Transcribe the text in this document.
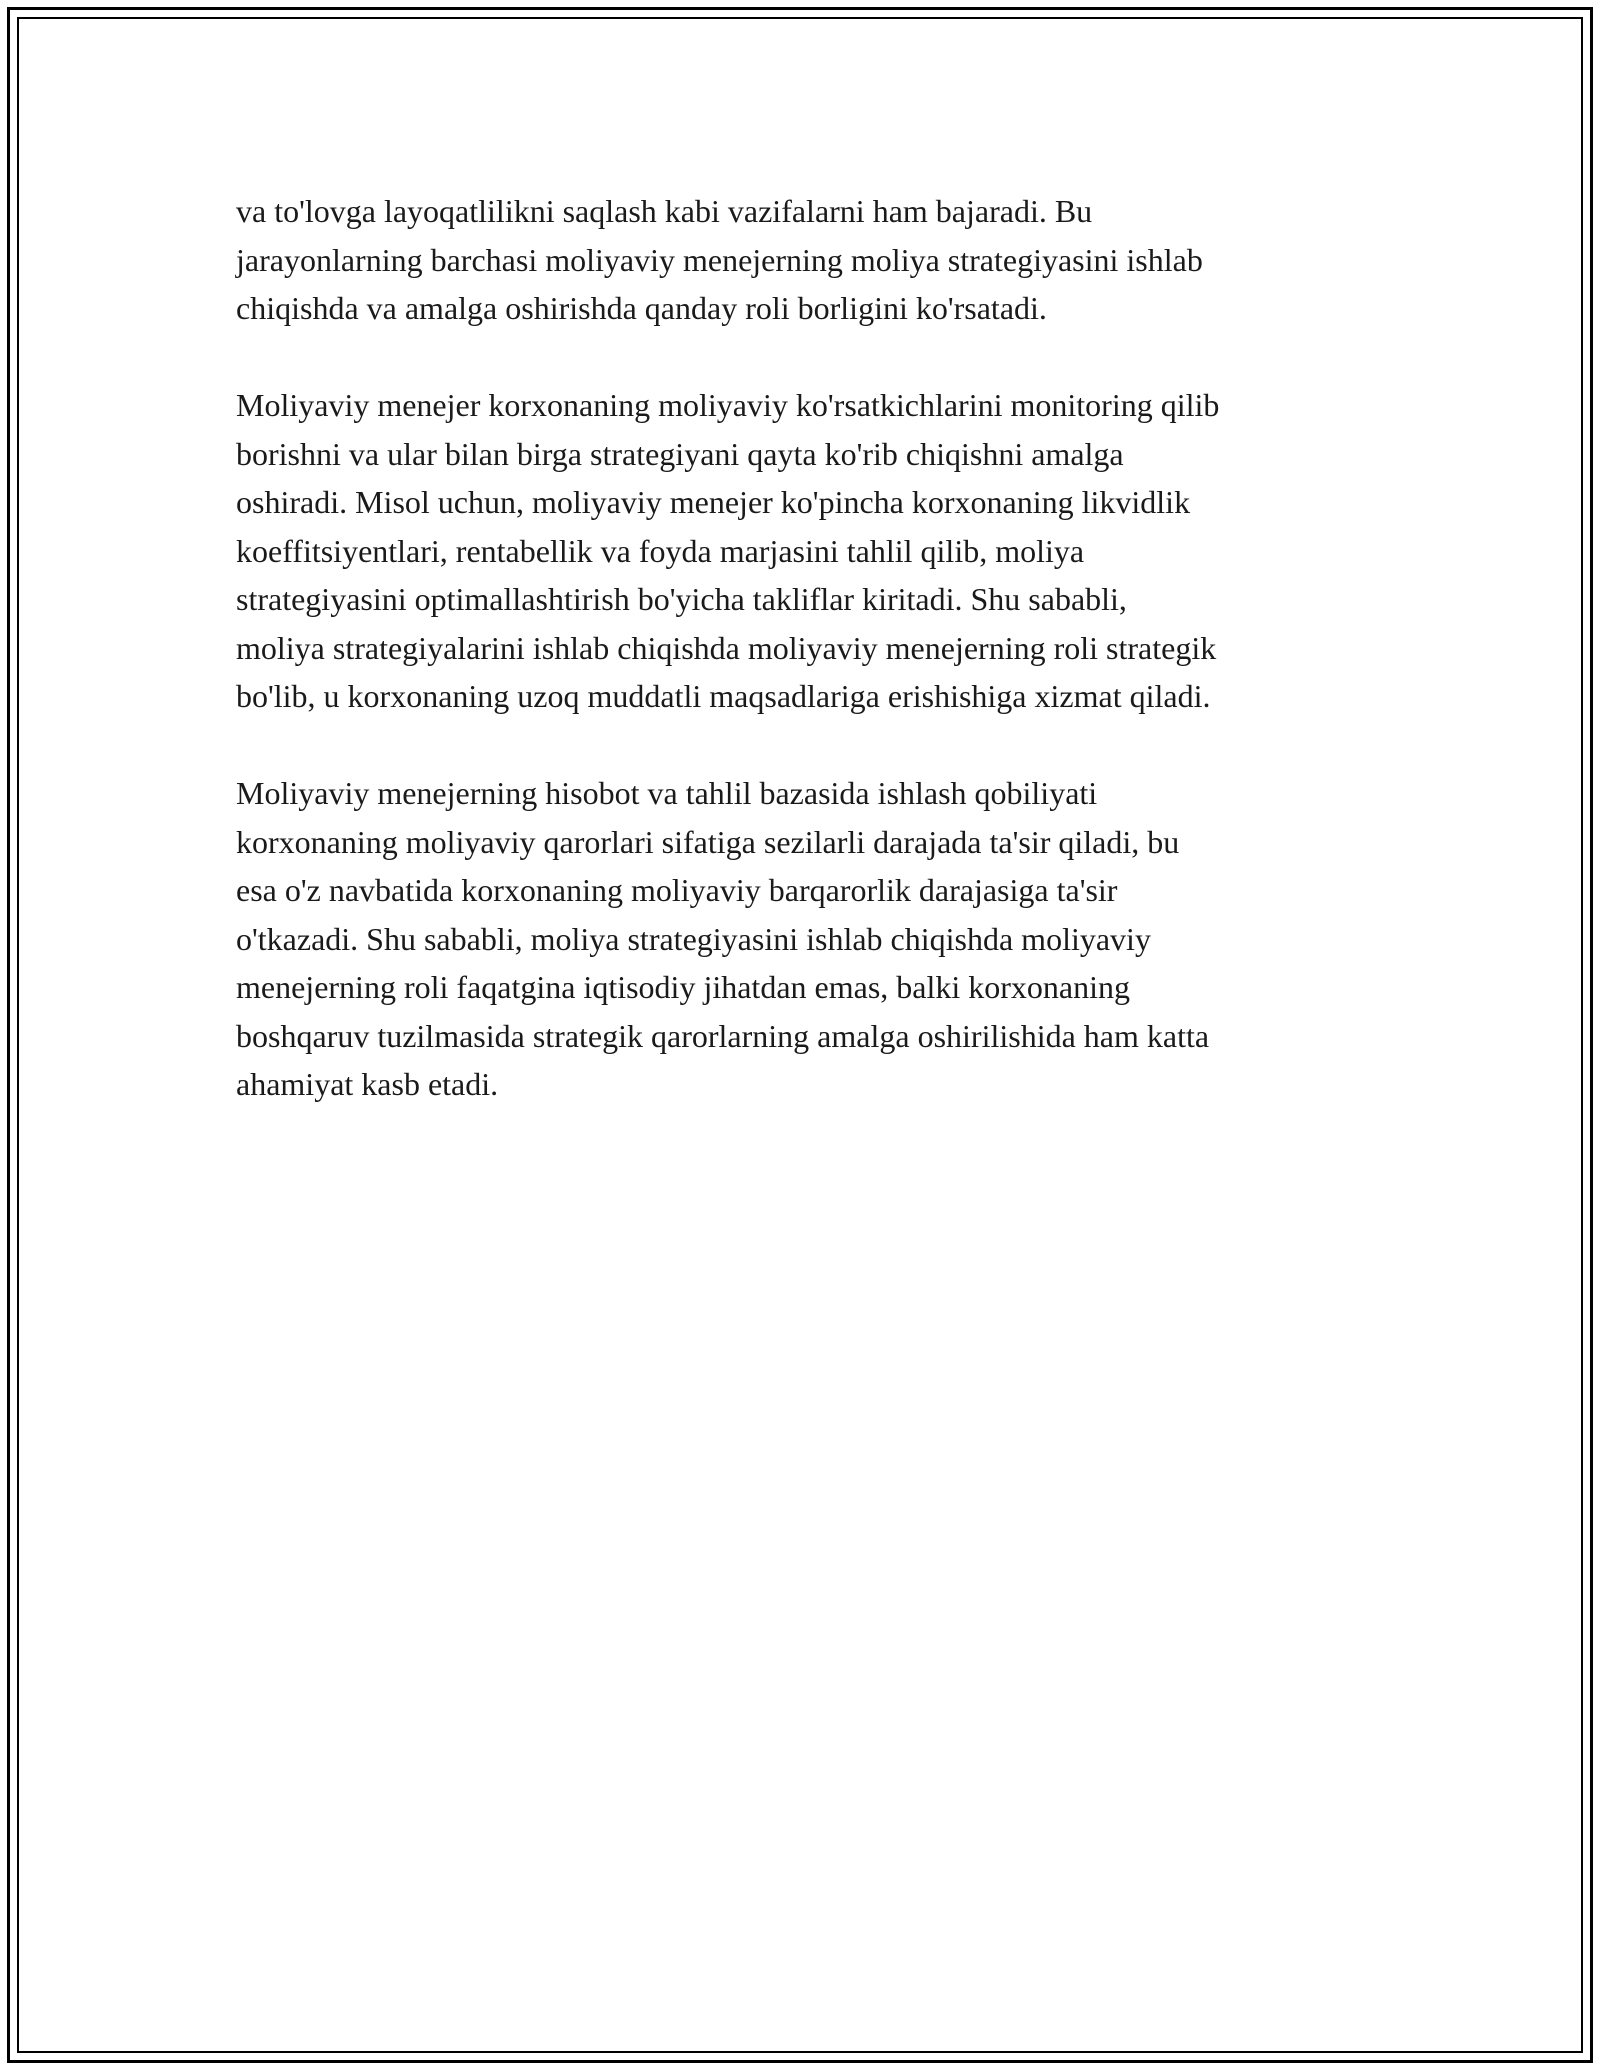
va to'lovga layoqatlilikni saqlash kabi vazifalarni ham bajaradi. Bu
jarayonlarning barchasi moliyaviy menejerning moliya strategiyasini ishlab
chiqishda va amalga oshirishda qanday roli borligini ko'rsatadi.

Moliyaviy menejer korxonaning moliyaviy ko'rsatkichlarini monitoring qilib
borishni va ular bilan birga strategiyani qayta ko'rib chiqishni amalga
oshiradi. Misol uchun, moliyaviy menejer ko'pincha korxonaning likvidlik
koeffitsiyentlari, rentabellik va foyda marjasini tahlil qilib, moliya
strategiyasini optimallashtirish bo'yicha takliflar kiritadi. Shu sababli,
moliya strategiyalarini ishlab chiqishda moliyaviy menejerning roli strategik
bo'lib, u korxonaning uzoq muddatli maqsadlariga erishishiga xizmat qiladi.

Moliyaviy menejerning hisobot va tahlil bazasida ishlash qobiliyati
korxonaning moliyaviy qarorlari sifatiga sezilarli darajada ta'sir qiladi, bu
esa o'z navbatida korxonaning moliyaviy barqarorlik darajasiga ta'sir
o'tkazadi. Shu sababli, moliya strategiyasini ishlab chiqishda moliyaviy
menejerning roli faqatgina iqtisodiy jihatdan emas, balki korxonaning
boshqaruv tuzilmasida strategik qarorlarning amalga oshirilishida ham katta
ahamiyat kasb etadi.
